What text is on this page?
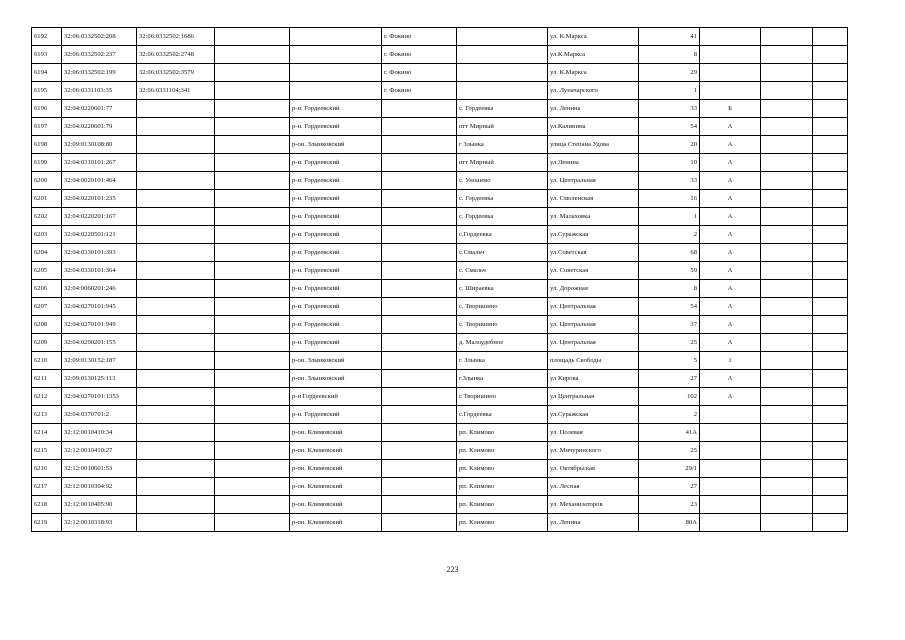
6192	32:06:0332502:208	32:06:0332502:1686			г. Фокино		ул. К.Маркса	41			
6193	32:06:0332502:237	32:06:0332502:2748			г. Фокино		ул.К.Маркса	8			
6194	32:06:0332502:199	32:06:0332502:3579			г. Фокино		ул. К.Маркса	29			
6195	32:06:0331103:35	32:06:0331104:341			г. Фокино		ул. Луначарского	1			
6196	32:04:0220601:77			р-н. Гордеевский		с. Гордеевка	ул. Ленина	33	Б		
6197	32:04:0220601:79			р-н. Гордеевский		пгт Мирный	ул.Калинина	54	А		
6198	32:09:0130108:80			р-он. Злынковский		г Злынка	улица Степана Удова	20	А		
6199	32:04:0310101:267			р-н. Гордеевский		пгт Мирный	ул.Ленина	10	А		
6200	32:04:0020101:464			р-н. Гордеевский		с. Уношево	ул. Центральная	33	А		
6201	32:04:0220101:235			р-н. Гордеевский		с. Гордеевка	ул. Смоленская	16	А		
6202	32:04:0220201:167			р-н. Гордеевский		с. Гордеевка	ул. Малаховка	1	А		
6203	32:04:0220501:121			р-н. Гордеевский		с.Гордеевка	ул.Суражская	2	А		
6204	32:04:0330101:393			р-н. Гордеевский		с.Смальч	ул.Советская	68	А		
6205	32:04:0330101:364			р-н. Гордеевский		с. Смальч	ул. Советская	59	А		
6206	32:04:0060201:246			р-н. Гордеевский		с. Шираевка	ул. Дорожная	8	А		
6207	32:04:0270101:945			р-н. Гордеевский		с. Творишино	ул. Центральная	54	А		
6208	32:04:0270101:949			р-н. Гордеевский		с. Творишино	ул. Центральная	37	А		
6209	32:04:0290201:155			р-н. Гордеевский		д. Малоудебное	ул. Центральная	25	А		
6210	32:09:0130152:187			р-он. Злынковский		г. Злынка	площадь Свободы	5	1		
6211	32:09:0130125:113			р-он. Злынковский		г.Злынка	ул Кирова	27	А		
6212	32:04:0270101:1353			р-н Гордеевский		с Творишино	ул Центральная	102	А		
6213	32:04:0370701:2			р-н. Гордеевский		с.Гордеевка	ул.Суражская	2			
6214	32:12:0010410:34			р-он. Климовский		рп. Климово	ул. Полевая	41А			
6215	32:12:0010410:27			р-он. Климовский		рп. Климово	ул. Мичуринского	25			
6216	32:12:0010601:53			р-он. Климовский		рп. Климово	ул. Октябрьская	29/1			
6217	32:12:0010304:92			р-он. Климовский		рп. Климово	ул. Лесная	27			
6218	32:12:0010405:90			р-он. Климовский		рп. Климово	ул. Механизаторов	23			
6219	32:12:0010318:93			р-он. Климовский		рп. Климово	ул. Ленина	80А			
223
